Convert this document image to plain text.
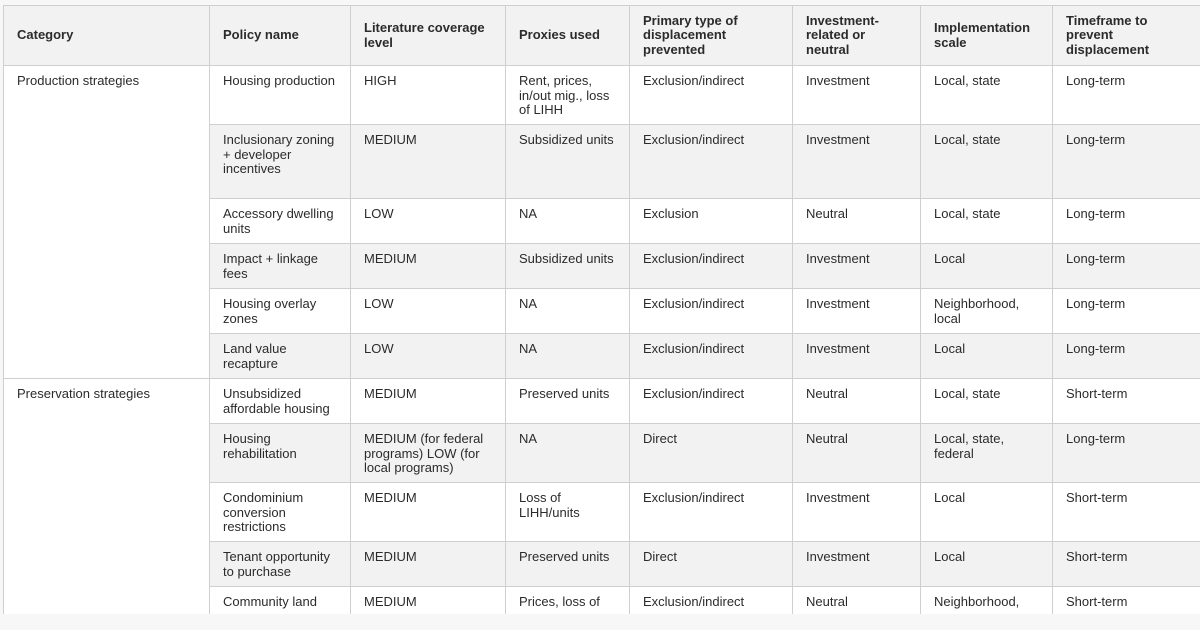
Category	Policy name	Literature coverage level	Proxies used	Primary type of displacement prevented	Investment-related or neutral	Implementation scale	Timeframe to prevent displacement
Production strategies	Housing production	HIGH	Rent, prices, in/out mig., loss of LIHH	Exclusion/indirect	Investment	Local, state	Long-term
	Inclusionary zoning + developer incentives	MEDIUM	Subsidized units	Exclusion/indirect	Investment	Local, state	Long-term
	Accessory dwelling units	LOW	NA	Exclusion	Neutral	Local, state	Long-term
	Impact + linkage fees	MEDIUM	Subsidized units	Exclusion/indirect	Investment	Local	Long-term
	Housing overlay zones	LOW	NA	Exclusion/indirect	Investment	Neighborhood, local	Long-term
	Land value recapture	LOW	NA	Exclusion/indirect	Investment	Local	Long-term
Preservation strategies	Unsubsidized affordable housing	MEDIUM	Preserved units	Exclusion/indirect	Neutral	Local, state	Short-term
	Housing rehabilitation	MEDIUM (for federal programs) LOW (for local programs)	NA	Direct	Neutral	Local, state, federal	Long-term
	Condominium conversion restrictions	MEDIUM	Loss of LIHH/units	Exclusion/indirect	Investment	Local	Short-term
	Tenant opportunity to purchase	MEDIUM	Preserved units	Direct	Investment	Local	Short-term
	Community land	MEDIUM	Prices, loss of	Exclusion/indirect	Neutral	Neighborhood,	Short-term
